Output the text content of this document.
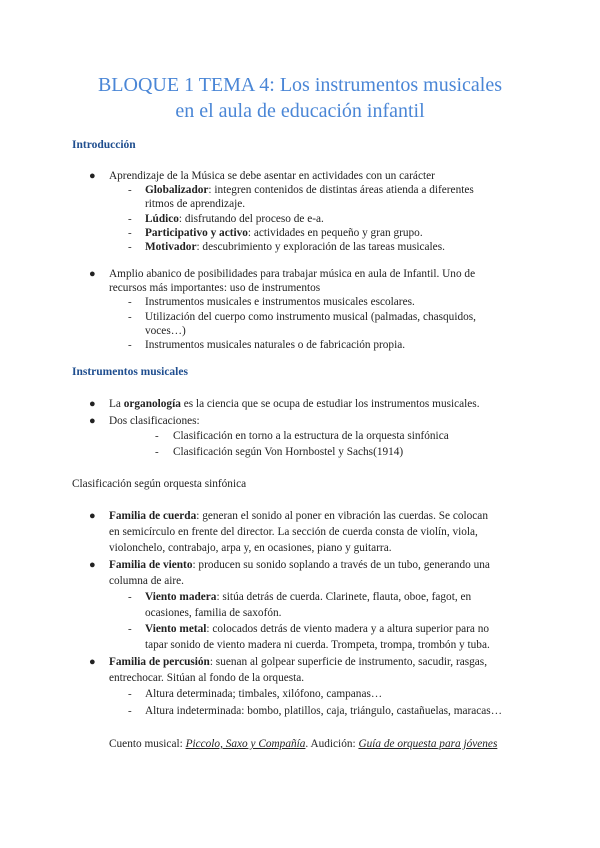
BLOQUE 1 TEMA 4: Los instrumentos musicales
en el aula de educación infantil
Introducción
● Aprendizaje de la Música se debe asentar en actividades con un carácter
- Globalizador: integren contenidos de distintas áreas atienda a diferentes
ritmos de aprendizaje.
- Lúdico: disfrutando del proceso de e-a.
- Participativo y activo: actividades en pequeño y gran grupo.
- Motivador: descubrimiento y exploración de las tareas musicales.
● Amplio abanico de posibilidades para trabajar música en aula de Infantil. Uno de
recursos más importantes: uso de instrumentos
- Instrumentos musicales e instrumentos musicales escolares.
- Utilización del cuerpo como instrumento musical (palmadas, chasquidos,
voces…)
- Instrumentos musicales naturales o de fabricación propia.
Instrumentos musicales
● La organología es la ciencia que se ocupa de estudiar los instrumentos musicales.
● Dos clasificaciones:
- Clasificación en torno a la estructura de la orquesta sinfónica
- Clasificación según Von Hornbostel y Sachs(1914)
Clasificación según orquesta sinfónica
● Familia de cuerda: generan el sonido al poner en vibración las cuerdas. Se colocan
en semicírculo en frente del director. La sección de cuerda consta de violín, viola,
violonchelo, contrabajo, arpa y, en ocasiones, piano y guitarra.
● Familia de viento: producen su sonido soplando a través de un tubo, generando una
columna de aire.
- Viento madera: sitúa detrás de cuerda. Clarinete, flauta, oboe, fagot, en
ocasiones, familia de saxofón.
- Viento metal: colocados detrás de viento madera y a altura superior para no
tapar sonido de viento madera ni cuerda. Trompeta, trompa, trombón y tuba.
● Familia de percusión: suenan al golpear superficie de instrumento, sacudir, rasgas,
entrechocar. Sitúan al fondo de la orquesta.
- Altura determinada; timbales, xilófono, campanas…
- Altura indeterminada: bombo, platillos, caja, triángulo, castañuelas, maracas…
Cuento musical: Piccolo, Saxo y Compañía. Audición: Guía de orquesta para jóvenes
